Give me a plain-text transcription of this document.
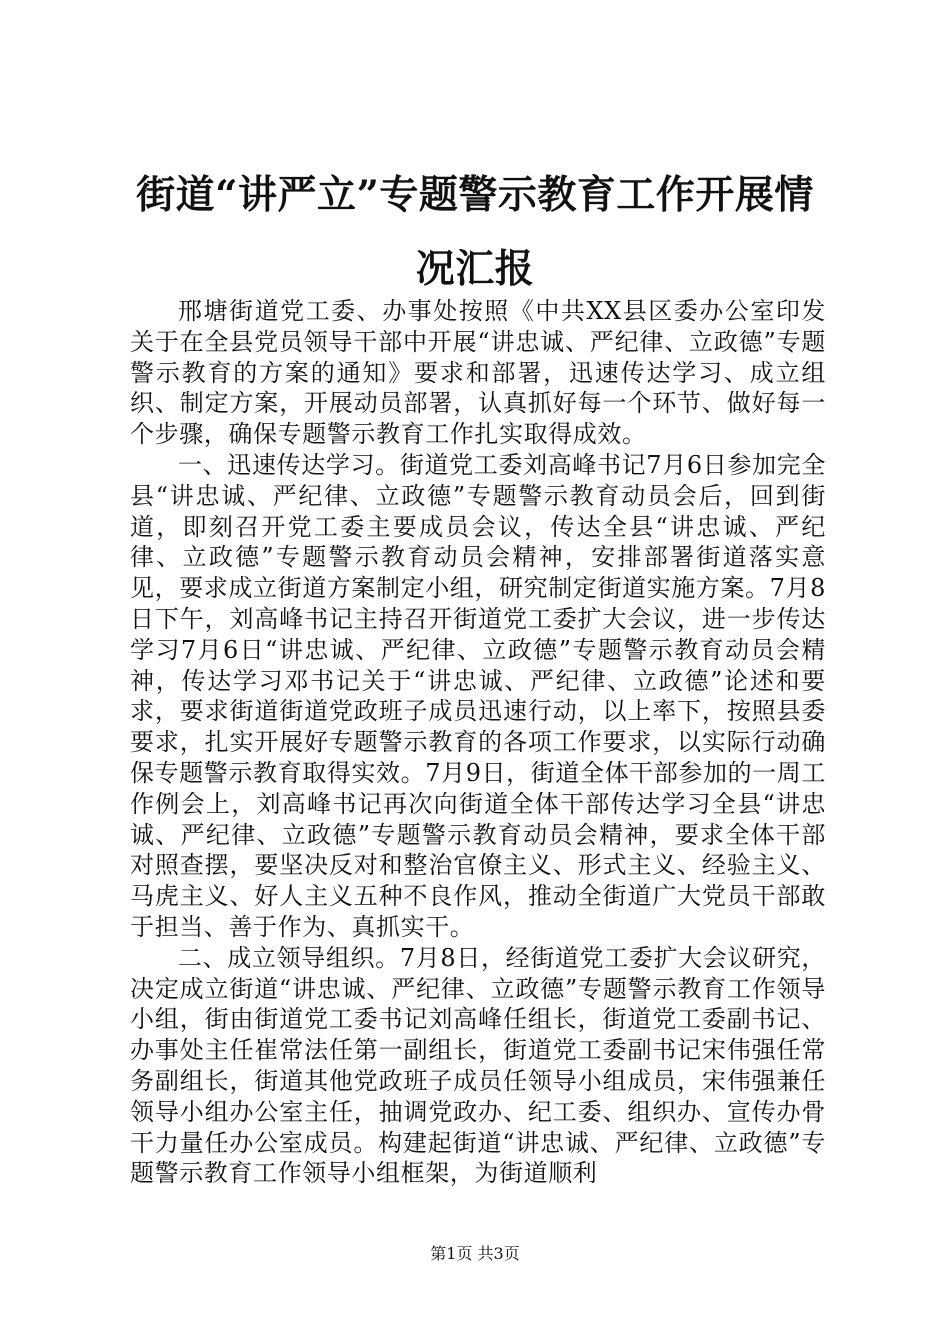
街道“讲严立”专题警示教育工作开展情况汇报

邢塘街道党工委、办事处按照《中共XX县区委办公室印发关于在全县党员领导干部中开展“讲忠诚、严纪律、立政德”专题警示教育的方案的通知》要求和部署，迅速传达学习、成立组织、制定方案，开展动员部署，认真抓好每一个环节、做好每一个步骤，确保专题警示教育工作扎实取得成效。

一、迅速传达学习。街道党工委刘高峰书记7月6日参加完全县“讲忠诚、严纪律、立政德”专题警示教育动员会后，回到街道，即刻召开党工委主要成员会议，传达全县“讲忠诚、严纪律、立政德”专题警示教育动员会精神，安排部署街道落实意见，要求成立街道方案制定小组，研究制定街道实施方案。7月8日下午，刘高峰书记主持召开街道党工委扩大会议，进一步传达学习7月6日“讲忠诚、严纪律、立政德”专题警示教育动员会精神，传达学习邓书记关于“讲忠诚、严纪律、立政德”论述和要求，要求街道街道党政班子成员迅速行动，以上率下，按照县委要求，扎实开展好专题警示教育的各项工作要求，以实际行动确保专题警示教育取得实效。7月9日，街道全体干部参加的一周工作例会上，刘高峰书记再次向街道全体干部传达学习全县“讲忠诚、严纪律、立政德”专题警示教育动员会精神，要求全体干部对照查摆，要坚决反对和整治官僚主义、形式主义、经验主义、马虎主义、好人主义五种不良作风，推动全街道广大党员干部敢于担当、善于作为、真抓实干。

二、成立领导组织。7月8日，经街道党工委扩大会议研究，决定成立街道“讲忠诚、严纪律、立政德”专题警示教育工作领导小组，街由街道党工委书记刘高峰任组长，街道党工委副书记、办事处主任崔常法任第一副组长，街道党工委副书记宋伟强任常务副组长，街道其他党政班子成员任领导小组成员，宋伟强兼任领导小组办公室主任，抽调党政办、纪工委、组织办、宣传办骨干力量任办公室成员。构建起街道“讲忠诚、严纪律、立政德”专题警示教育工作领导小组框架，为街道顺利

第1页 共3页
